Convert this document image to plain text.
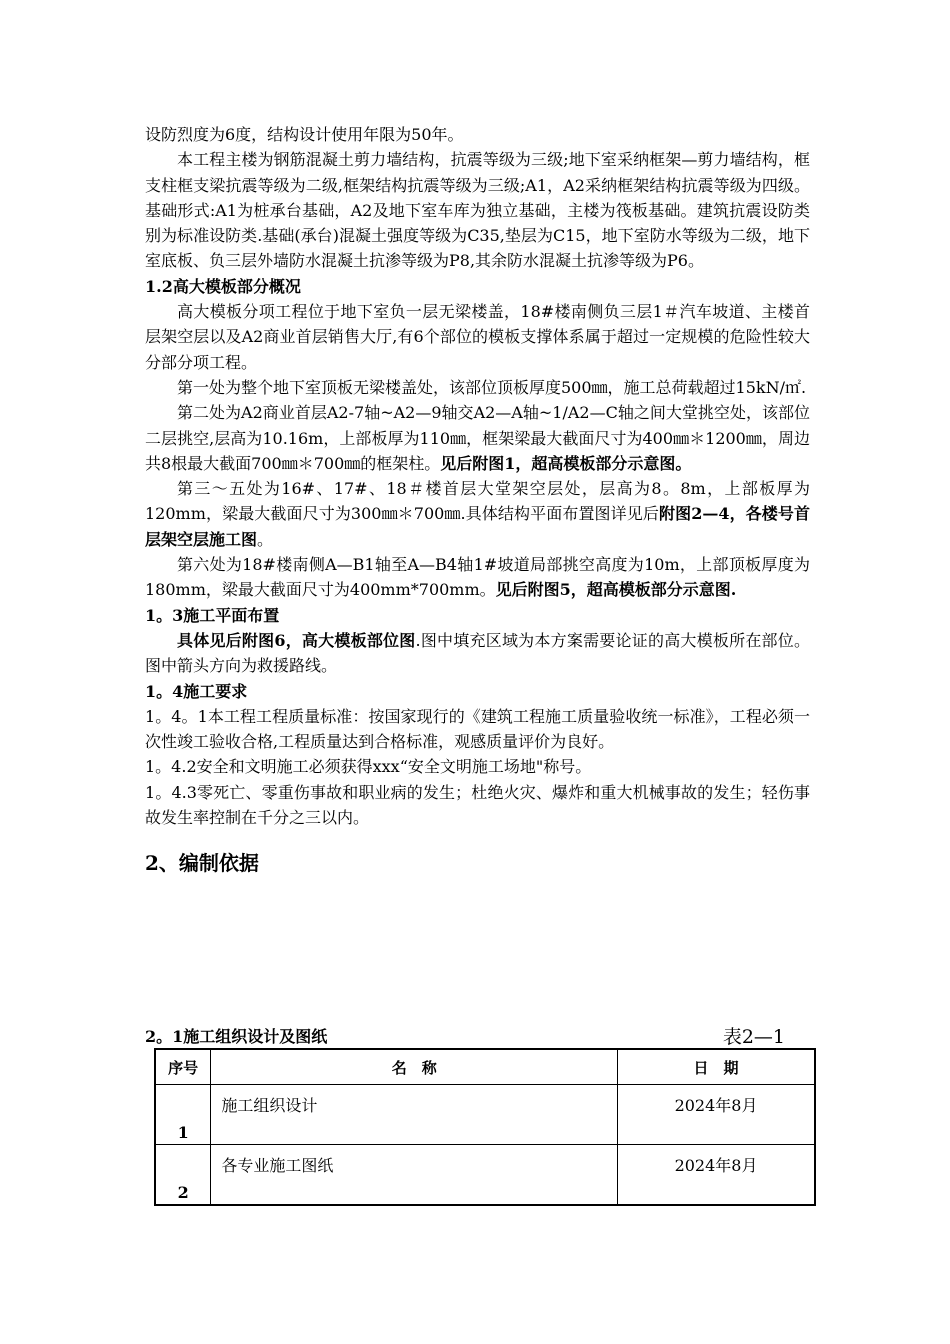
设防烈度为6度，结构设计使用年限为50年。

本工程主楼为钢筋混凝土剪力墙结构，抗震等级为三级;地下室采纳框架—剪力墙结构，框支柱框支梁抗震等级为二级,框架结构抗震等级为三级;A1，A2采纳框架结构抗震等级为四级。基础形式:A1为桩承台基础，A2及地下室车库为独立基础，主楼为筏板基础。建筑抗震设防类别为标准设防类.基础(承台)混凝土强度等级为C35,垫层为C15，地下室防水等级为二级，地下室底板、负三层外墙防水混凝土抗渗等级为P8,其余防水混凝土抗渗等级为P6。

1.2高大模板部分概况

高大模板分项工程位于地下室负一层无梁楼盖，18#楼南侧负三层1＃汽车坡道、主楼首层架空层以及A2商业首层销售大厅,有6个部位的模板支撑体系属于超过一定规模的危险性较大分部分项工程。

第一处为整个地下室顶板无梁楼盖处，该部位顶板厚度500㎜，施工总荷载超过15kN/㎡.

第二处为A2商业首层A2-7轴~A2—9轴交A2—A轴~1/A2—C轴之间大堂挑空处，该部位二层挑空,层高为10.16m，上部板厚为110㎜，框架梁最大截面尺寸为400㎜＊1200㎜，周边共8根最大截面700㎜＊700㎜的框架柱。见后附图1，超高模板部分示意图。

第三～五处为16#、17#、18＃楼首层大堂架空层处，层高为8。8m，上部板厚为120mm，梁最大截面尺寸为300㎜＊700㎜.具体结构平面布置图详见后附图2—4，各楼号首层架空层施工图。

第六处为18#楼南侧A—B1轴至A—B4轴1#坡道局部挑空高度为10m，上部顶板厚度为180mm，梁最大截面尺寸为400mm*700mm。见后附图5，超高模板部分示意图.

1。3施工平面布置

具体见后附图6，高大模板部位图.图中填充区域为本方案需要论证的高大模板所在部位。图中箭头方向为救援路线。

1。4施工要求

1。4。1本工程工程质量标准：按国家现行的《建筑工程施工质量验收统一标准》，工程必须一次性竣工验收合格,工程质量达到合格标准，观感质量评价为良好。

1。4.2安全和文明施工必须获得xxx“安全文明施工场地"称号。

1。4.3零死亡、零重伤事故和职业病的发生；杜绝火灾、爆炸和重大机械事故的发生；轻伤事故发生率控制在千分之三以内。

2、编制依据

2。1施工组织设计及图纸	表2—1
序号	名　称	日　期
1	施工组织设计	2024年8月
2	各专业施工图纸	2024年8月
